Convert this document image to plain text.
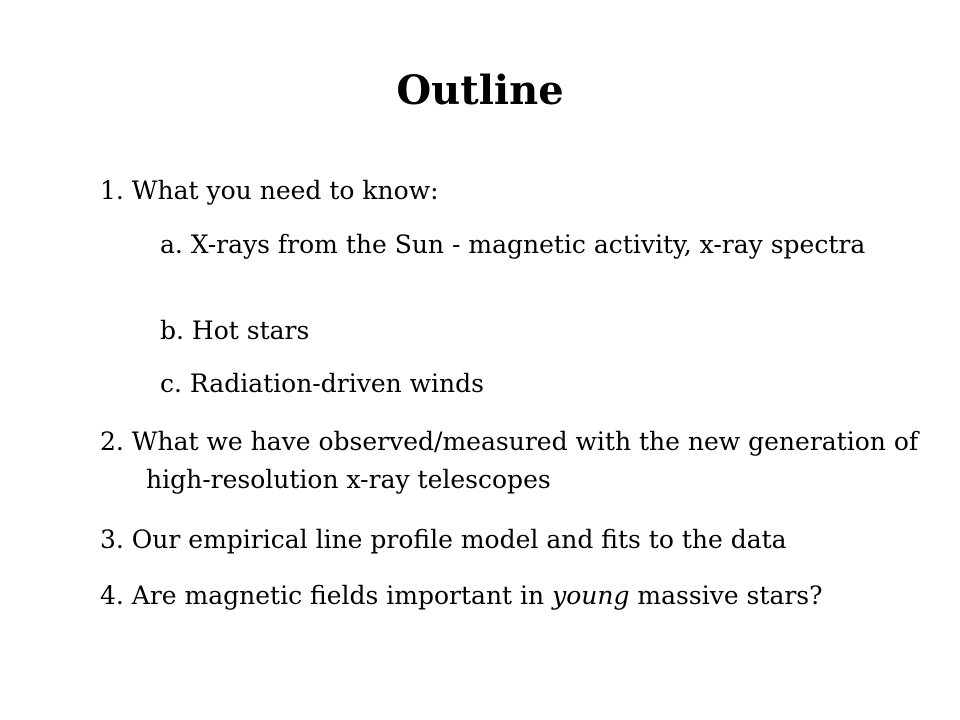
Outline

1. What you need to know:

a. X-rays from the Sun - magnetic activity, x-ray spectra

b. Hot stars

c. Radiation-driven winds

2. What we have observed/measured with the new generation of high-resolution x-ray telescopes

3. Our empirical line profile model and fits to the data

4. Are magnetic fields important in young massive stars?
